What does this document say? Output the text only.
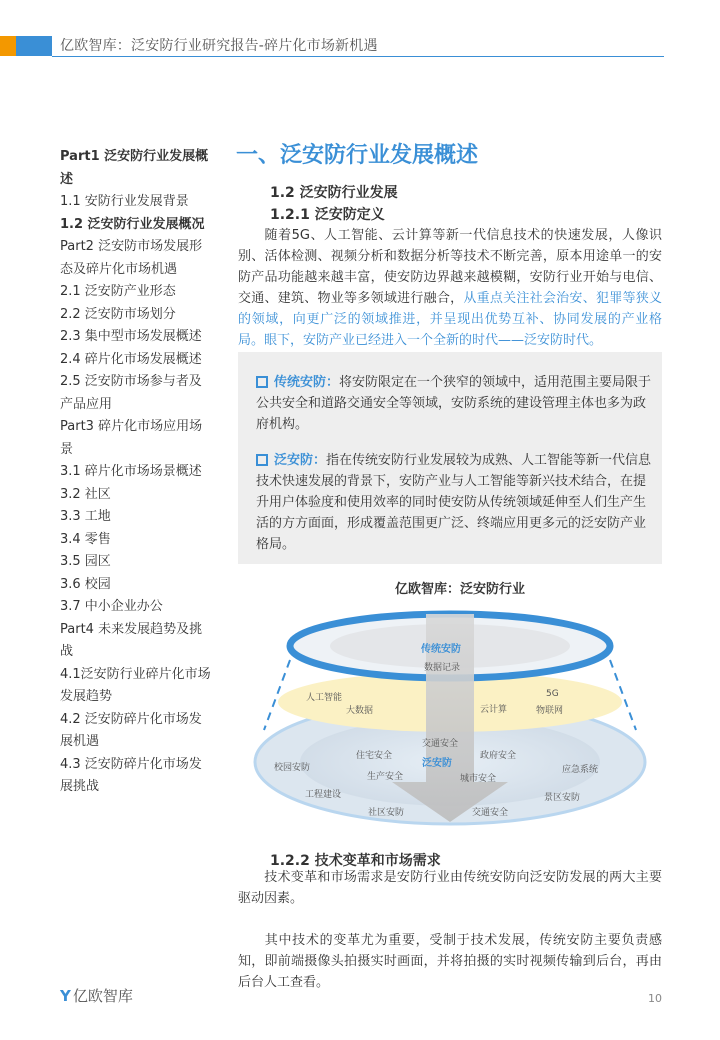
亿欧智库：泛安防行业研究报告-碎片化市场新机遇
Part1 泛安防行业发展概述
1.1 安防行业发展背景
1.2 泛安防行业发展概况
Part2 泛安防市场发展形态及碎片化市场机遇
2.1 泛安防产业形态
2.2 泛安防市场划分
2.3 集中型市场发展概述
2.4 碎片化市场发展概述
2.5 泛安防市场参与者及产品应用
Part3 碎片化市场应用场景
3.1 碎片化市场场景概述
3.2 社区
3.3 工地
3.4 零售
3.5 园区
3.6 校园
3.7 中小企业办公
Part4 未来发展趋势及挑战
4.1泛安防行业碎片化市场发展趋势
4.2 泛安防碎片化市场发展机遇
4.3 泛安防碎片化市场发展挑战
一、泛安防行业发展概述
1.2 泛安防行业发展
1.2.1 泛安防定义
随着5G、人工智能、云计算等新一代信息技术的快速发展，人像识别、活体检测、视频分析和数据分析等技术不断完善，原本用途单一的安防产品功能越来越丰富，使安防边界越来越模糊，安防行业开始与电信、交通、建筑、物业等多领域进行融合，从重点关注社会治安、犯罪等狭义的领域，向更广泛的领域推进，并呈现出优势互补、协同发展的产业格局。眼下，安防产业已经进入一个全新的时代——泛安防时代。
传统安防：将安防限定在一个狭窄的领域中，适用范围主要局限于公共安全和道路交通安全等领域，安防系统的建设管理主体也多为政府机构。
泛安防：指在传统安防行业发展较为成熟、人工智能等新一代信息技术快速发展的背景下，安防产业与人工智能等新兴技术结合，在提升用户体验度和使用效率的同时使安防从传统领域延伸至人们生产生活的方方面面，形成覆盖范围更广泛、终端应用更多元的泛安防产业格局。
亿欧智库：泛安防行业
传统安防
数据记录
人工智能
大数据	云计算
5G
物联网
泛安防
交通安全
住宅安全	政府安全
生产安全	城市安全
校园安防	应急系统
工程建设	景区安防
社区安防	交通安全
1.2.2 技术变革和市场需求
技术变革和市场需求是安防行业由传统安防向泛安防发展的两大主要驱动因素。
其中技术的变革尤为重要，受制于技术发展，传统安防主要负责感知，即前端摄像头拍摄实时画面，并将拍摄的实时视频传输到后台，再由后台人工查看。
Y 亿欧智库	10
